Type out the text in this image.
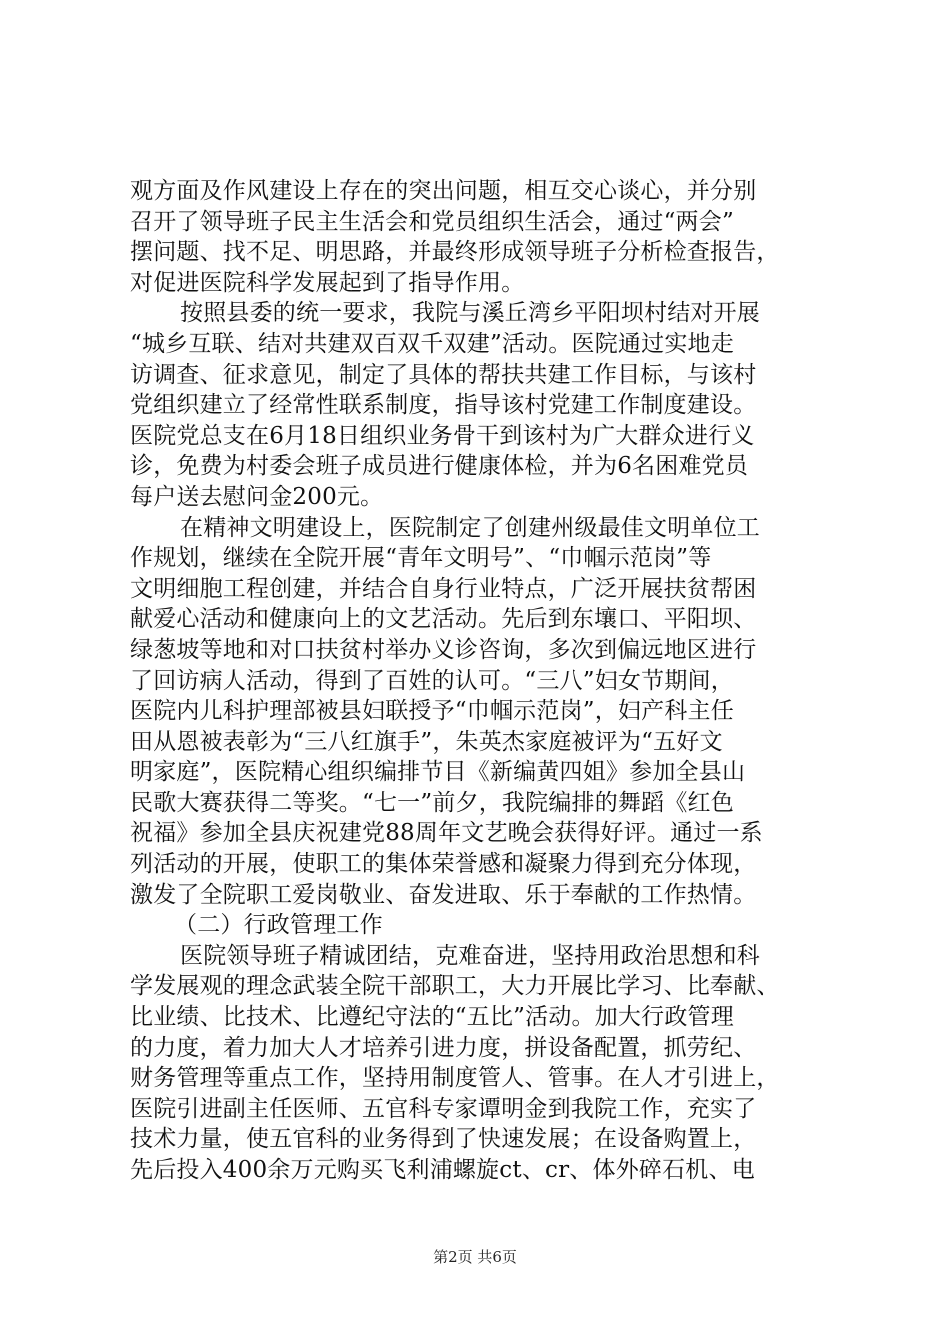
观方面及作风建设上存在的突出问题，相互交心谈心，并分别
召开了领导班子民主生活会和党员组织生活会，通过“两会”
摆问题、找不足、明思路，并最终形成领导班子分析检查报告，
对促进医院科学发展起到了指导作用。
按照县委的统一要求，我院与溪丘湾乡平阳坝村结对开展
“城乡互联、结对共建双百双千双建”活动。医院通过实地走
访调查、征求意见，制定了具体的帮扶共建工作目标，与该村
党组织建立了经常性联系制度，指导该村党建工作制度建设。
医院党总支在6月18日组织业务骨干到该村为广大群众进行义
诊，免费为村委会班子成员进行健康体检，并为6名困难党员
每户送去慰问金200元。
在精神文明建设上，医院制定了创建州级最佳文明单位工
作规划，继续在全院开展“青年文明号”、“巾帼示范岗”等
文明细胞工程创建，并结合自身行业特点，广泛开展扶贫帮困
献爱心活动和健康向上的文艺活动。先后到东壤口、平阳坝、
绿葱坡等地和对口扶贫村举办义诊咨询，多次到偏远地区进行
了回访病人活动，得到了百姓的认可。“三八”妇女节期间，
医院内儿科护理部被县妇联授予“巾帼示范岗”，妇产科主任
田从恩被表彰为“三八红旗手”，朱英杰家庭被评为“五好文
明家庭”，医院精心组织编排节目《新编黄四姐》参加全县山
民歌大赛获得二等奖。“七一”前夕，我院编排的舞蹈《红色
祝福》参加全县庆祝建党88周年文艺晚会获得好评。通过一系
列活动的开展，使职工的集体荣誉感和凝聚力得到充分体现，
激发了全院职工爱岗敬业、奋发进取、乐于奉献的工作热情。
（二）行政管理工作
医院领导班子精诚团结，克难奋进，坚持用政治思想和科
学发展观的理念武装全院干部职工，大力开展比学习、比奉献、
比业绩、比技术、比遵纪守法的“五比”活动。加大行政管理
的力度，着力加大人才培养引进力度，拼设备配置，抓劳纪、
财务管理等重点工作，坚持用制度管人、管事。在人才引进上，
医院引进副主任医师、五官科专家谭明金到我院工作，充实了
技术力量，使五官科的业务得到了快速发展；在设备购置上，
先后投入400余万元购买飞利浦螺旋ct、cr、体外碎石机、电
第2页 共6页
